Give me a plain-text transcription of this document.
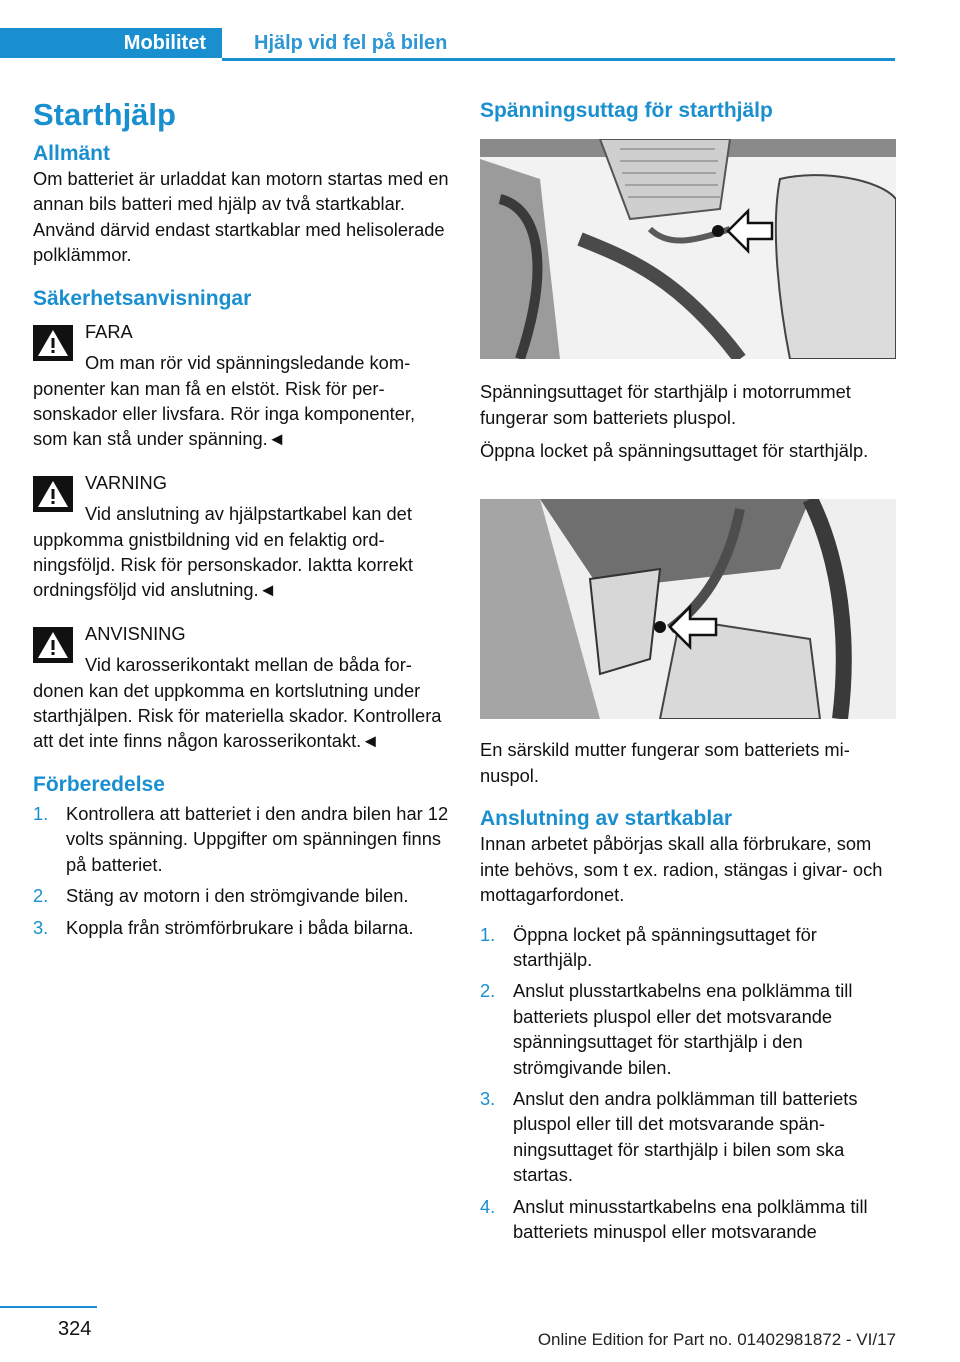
Mobilitet	Hjälp vid fel på bilen
Starthjälp
Allmänt

Om batteriet är urladdat kan motorn startas med en annan bils batteri med hjälp av två startkablar. Använd därvid endast startkablar med helisolerade polklämmor.

Säkerhetsanvisningar
FARA
Om man rör vid spänningsledande komponenter kan man få en elstöt. Risk för personskador eller livsfara. Rör inga komponenter, som kan stå under spänning.◄
VARNING
Vid anslutning av hjälpstartkabel kan det uppkomma gnistbildning vid en felaktig ordningsföljd. Risk för personskador. Iaktta korrekt ordningsföljd vid anslutning.◄
ANVISNING
Vid karosserikontakt mellan de båda fordonen kan det uppkomma en kortslutning under starthjälpen. Risk för materiella skador. Kontrollera att det inte finns någon karosserikontakt.◄
Förberedelse
1. Kontrollera att batteriet i den andra bilen har 12 volts spänning. Uppgifter om spänningen finns på batteriet.
2. Stäng av motorn i den strömgivande bilen.
3. Koppla från strömförbrukare i båda bilarna.
Spänningsuttag för starthjälp

Spänningsuttaget för starthjälp i motorrummet fungerar som batteriets pluspol.

Öppna locket på spänningsuttaget för starthjälp.

En särskild mutter fungerar som batteriets minuspol.

Anslutning av startkablar

Innan arbetet påbörjas skall alla förbrukare, som inte behövs, som t ex. radion, stängas i givar- och mottagarfordonet.

1. Öppna locket på spänningsuttaget för starthjälp.
2. Anslut plusstartkabelns ena polklämma till batteriets pluspol eller det motsvarande spänningsuttaget för starthjälp i den strömgivande bilen.
3. Anslut den andra polklämman till batteriets pluspol eller till det motsvarande spänningsuttaget för starthjälp i bilen som ska startas.
4. Anslut minusstartkabelns ena polklämma till batteriets minuspol eller motsvarande
324	Online Edition for Part no. 01402981872 - VI/17
